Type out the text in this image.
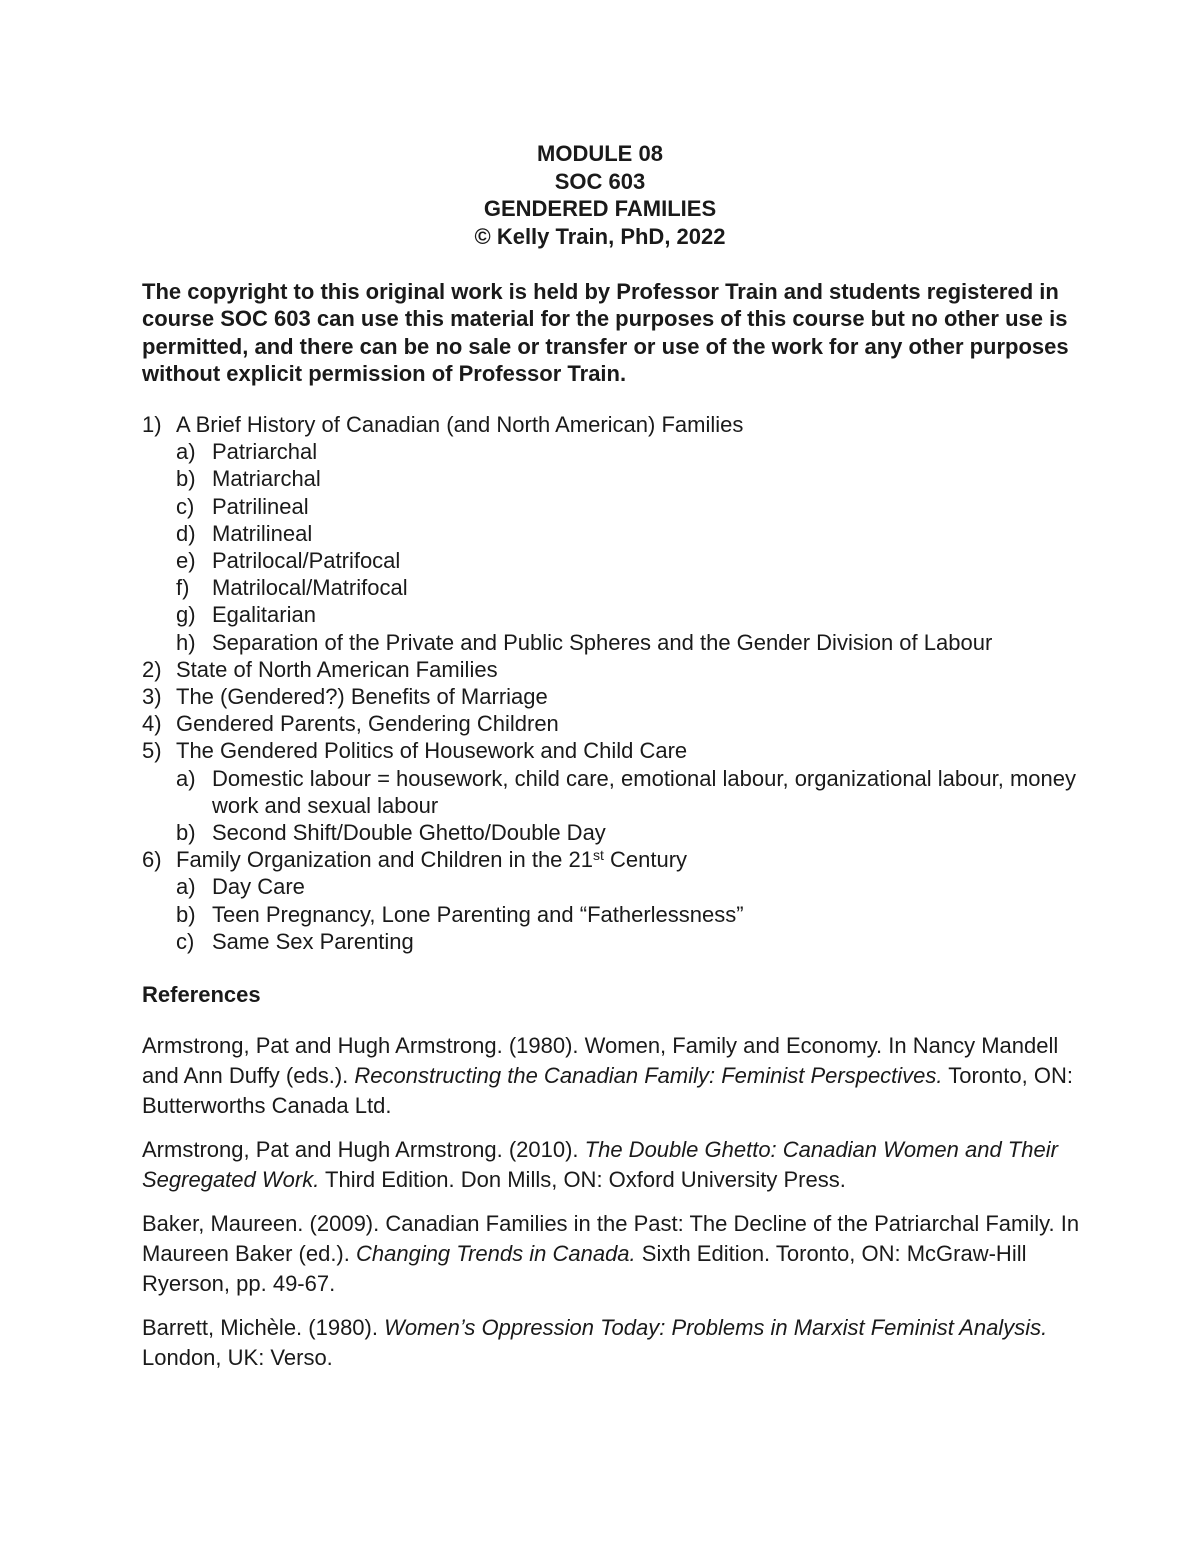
MODULE 08
SOC 603
GENDERED FAMILIES
© Kelly Train, PhD, 2022

The copyright to this original work is held by Professor Train and students registered in course SOC 603 can use this material for the purposes of this course but no other use is permitted, and there can be no sale or transfer or use of the work for any other purposes without explicit permission of Professor Train.

1) A Brief History of Canadian (and North American) Families
a) Patriarchal
b) Matriarchal
c) Patrilineal
d) Matrilineal
e) Patrilocal/Patrifocal
f)	Matrilocal/Matrifocal
g) Egalitarian
h) Separation of the Private and Public Spheres and the Gender Division of Labour
2) State of North American Families
3) The (Gendered?) Benefits of Marriage
4) Gendered Parents, Gendering Children
5) The Gendered Politics of Housework and Child Care
a) Domestic labour = housework, child care, emotional labour, organizational labour, money work and sexual labour
b) Second Shift/Double Ghetto/Double Day
6) Family Organization and Children in the 21st Century
a) Day Care
b) Teen Pregnancy, Lone Parenting and “Fatherlessness”
c) Same Sex Parenting
References

Armstrong, Pat and Hugh Armstrong. (1980). Women, Family and Economy. In Nancy Mandell and Ann Duffy (eds.). Reconstructing the Canadian Family: Feminist Perspectives. Toronto, ON: Butterworths Canada Ltd.

Armstrong, Pat and Hugh Armstrong. (2010). The Double Ghetto: Canadian Women and Their Segregated Work. Third Edition. Don Mills, ON: Oxford University Press.

Baker, Maureen. (2009). Canadian Families in the Past: The Decline of the Patriarchal Family. In Maureen Baker (ed.). Changing Trends in Canada. Sixth Edition. Toronto, ON: McGraw-Hill Ryerson, pp. 49-67.

Barrett, Michèle. (1980). Women’s Oppression Today: Problems in Marxist Feminist Analysis. London, UK: Verso.
